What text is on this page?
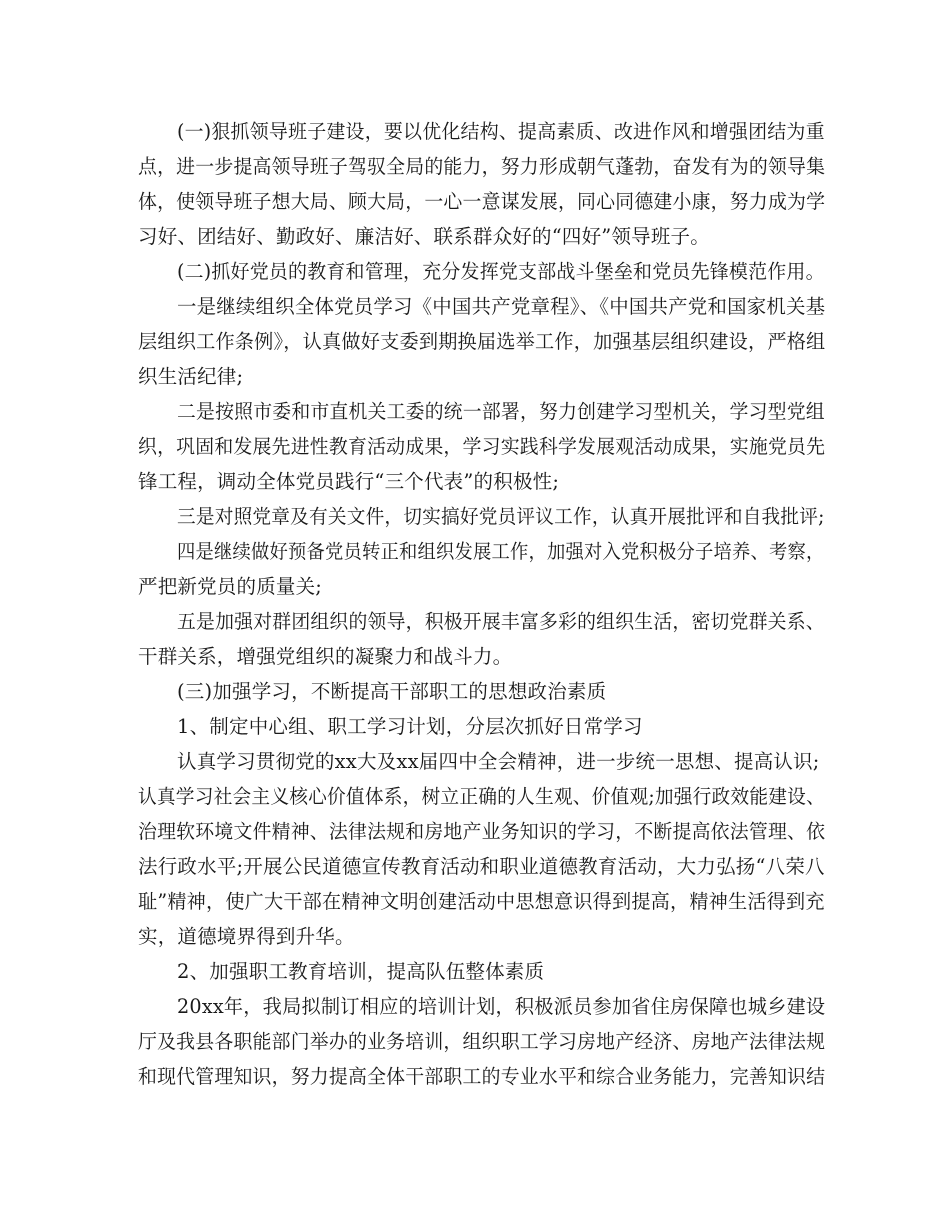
(一)狠抓领导班子建设，要以优化结构、提高素质、改进作风和增强团结为重
点，进一步提高领导班子驾驭全局的能力，努力形成朝气蓬勃，奋发有为的领导集
体，使领导班子想大局、顾大局，一心一意谋发展，同心同德建小康，努力成为学
习好、团结好、勤政好、廉洁好、联系群众好的“四好”领导班子。
(二)抓好党员的教育和管理，充分发挥党支部战斗堡垒和党员先锋模范作用。
一是继续组织全体党员学习《中国共产党章程》、《中国共产党和国家机关基
层组织工作条例》，认真做好支委到期换届选举工作，加强基层组织建设，严格组
织生活纪律;
二是按照市委和市直机关工委的统一部署，努力创建学习型机关，学习型党组
织，巩固和发展先进性教育活动成果，学习实践科学发展观活动成果，实施党员先
锋工程，调动全体党员践行“三个代表”的积极性;
三是对照党章及有关文件，切实搞好党员评议工作，认真开展批评和自我批评;
四是继续做好预备党员转正和组织发展工作，加强对入党积极分子培养、考察，
严把新党员的质量关;
五是加强对群团组织的领导，积极开展丰富多彩的组织生活，密切党群关系、
干群关系，增强党组织的凝聚力和战斗力。
(三)加强学习，不断提高干部职工的思想政治素质
1、制定中心组、职工学习计划，分层次抓好日常学习
认真学习贯彻党的xx大及xx届四中全会精神，进一步统一思想、提高认识;
认真学习社会主义核心价值体系，树立正确的人生观、价值观;加强行政效能建设、
治理软环境文件精神、法律法规和房地产业务知识的学习，不断提高依法管理、依
法行政水平;开展公民道德宣传教育活动和职业道德教育活动，大力弘扬“八荣八
耻”精神，使广大干部在精神文明创建活动中思想意识得到提高，精神生活得到充
实，道德境界得到升华。
2、加强职工教育培训，提高队伍整体素质
20xx年，我局拟制订相应的培训计划，积极派员参加省住房保障也城乡建设
厅及我县各职能部门举办的业务培训，组织职工学习房地产经济、房地产法律法规
和现代管理知识，努力提高全体干部职工的专业水平和综合业务能力，完善知识结
